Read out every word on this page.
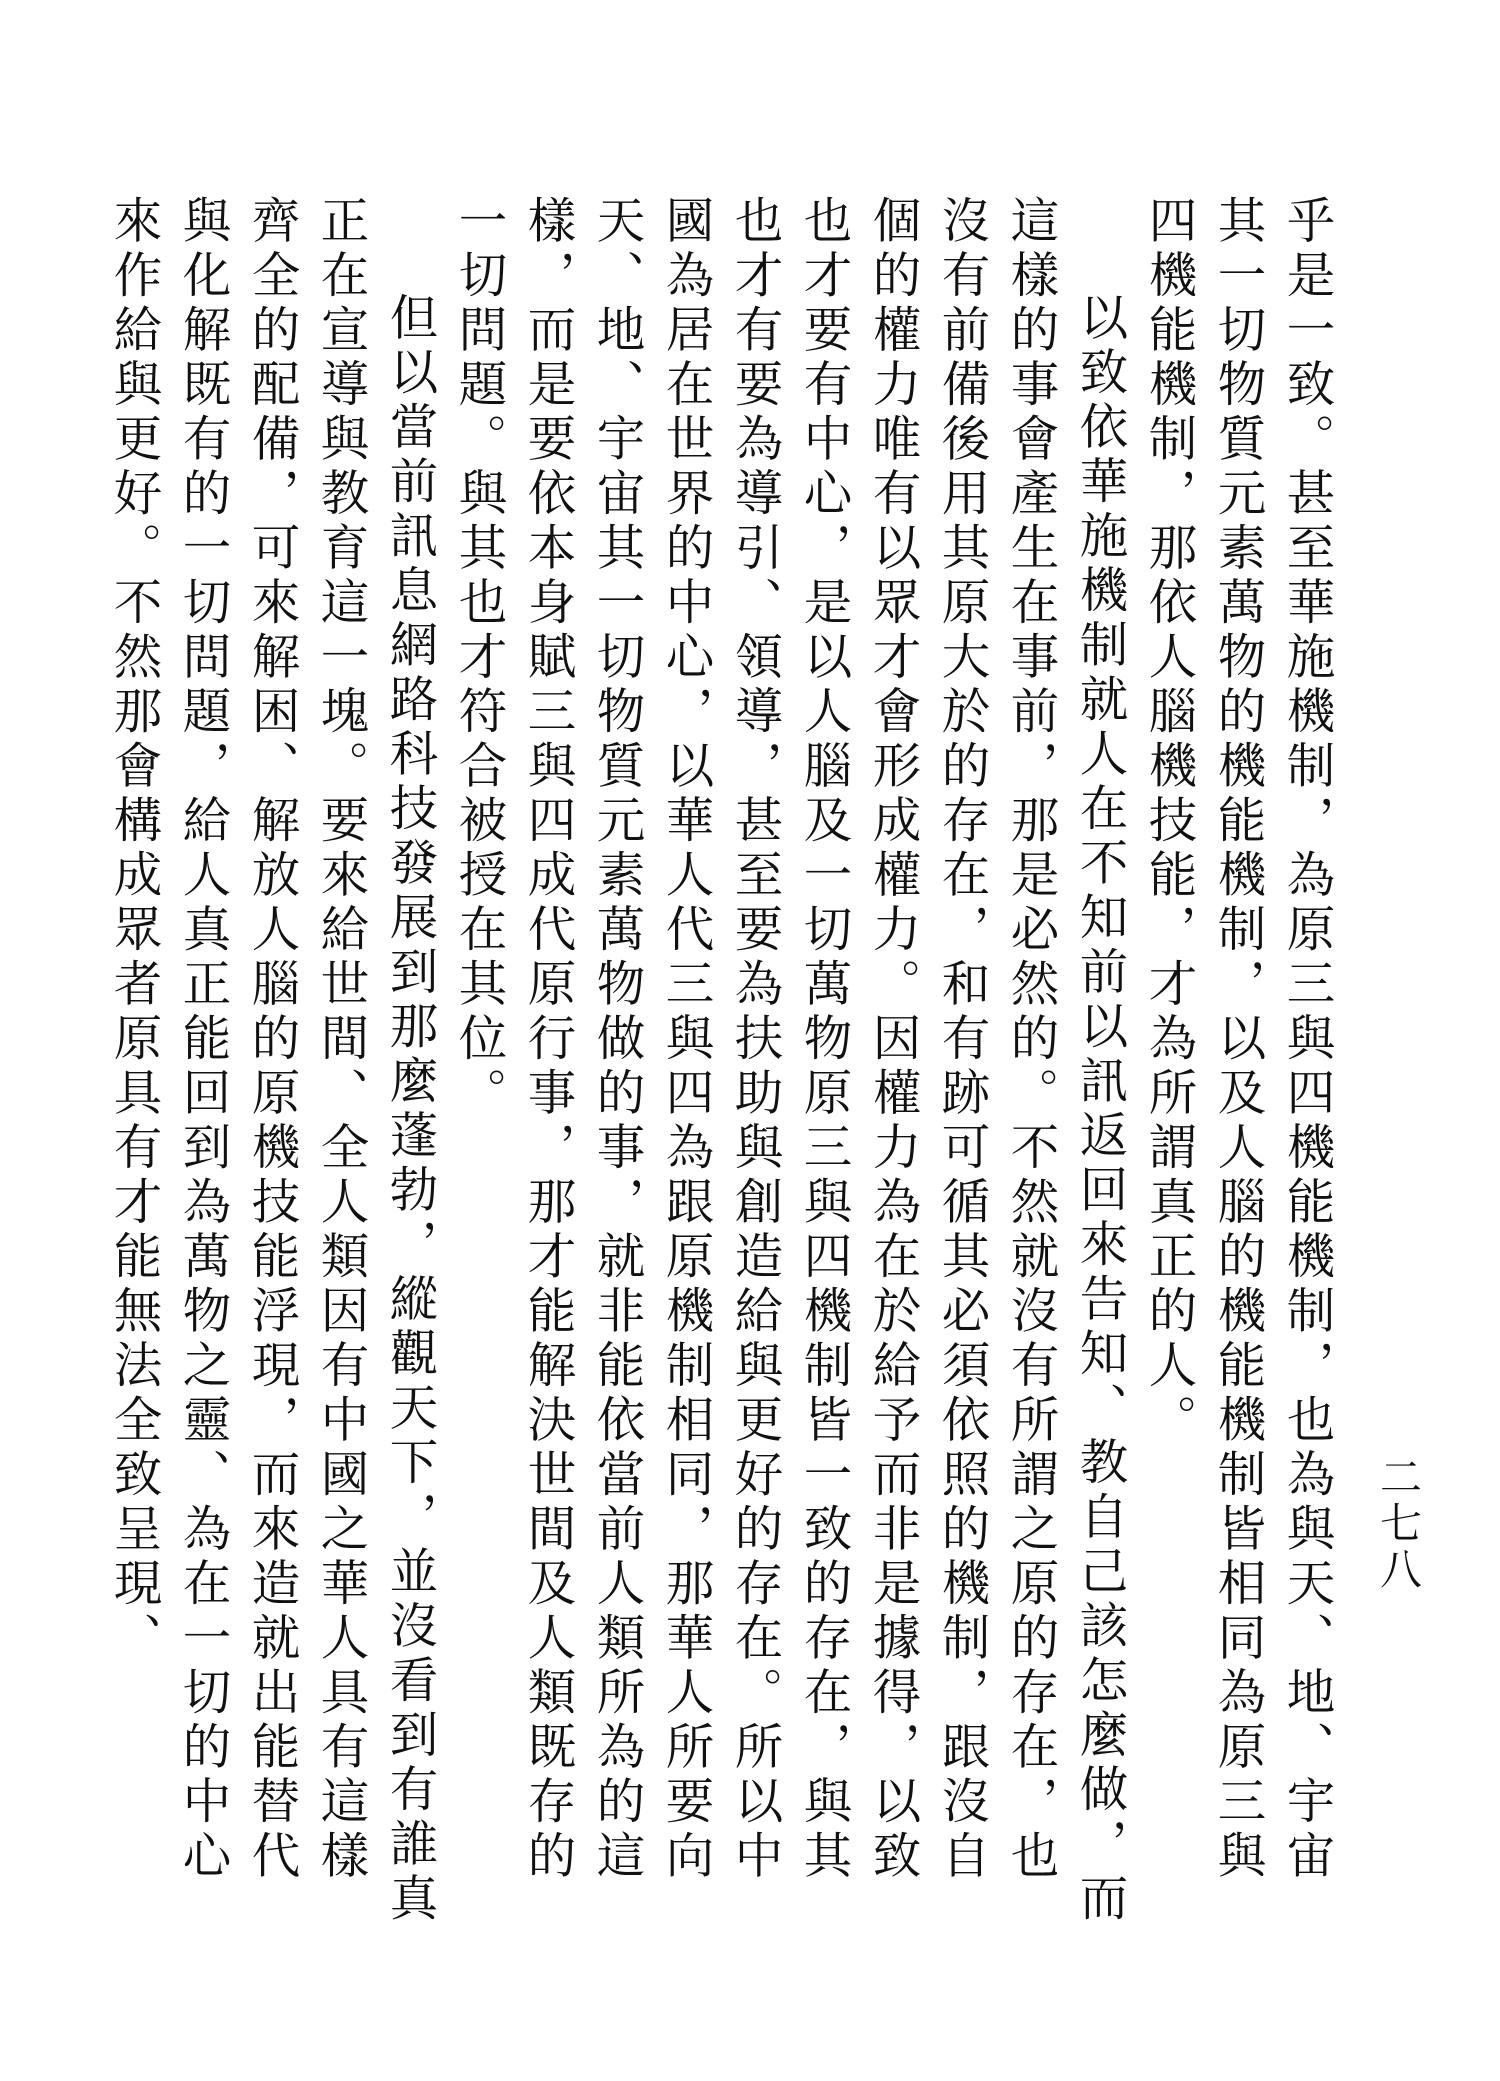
二七八

乎是一致。甚至華施機制，為原三與四機能機制，也為與天、地、宇宙其一切物質元素萬物的機能機制，以及人腦的機能機制皆相同為原三與四機能機制，那依人腦機技能，才為所謂真正的人。

以致依華施機制就人在不知前以訊返回來告知、教自己該怎麼做，而這樣的事會產生在事前，那是必然的。不然就沒有所謂之原的存在，也沒有前備後用其原大於的存在，和有跡可循其必須依照的機制，跟沒自個的權力唯有以眾才會形成權力。因權力為在於給予而非是據得，以致也才要有中心，是以人腦及一切萬物原三與四機制皆一致的存在，與其也才有要為導引、領導，甚至要為扶助與創造給與更好的存在。所以中國為居在世界的中心，以華人代三與四為跟原機制相同，那華人所要向天、地、宇宙其一切物質元素萬物做的事，就非能依當前人類所為的這樣，而是要依本身賦三與四成代原行事，那才能解決世間及人類既存的一切問題。與其也才符合被授在其位。

但以當前訊息網路科技發展到那麼蓬勃，縱觀天下，並沒看到有誰真正在宣導與教育這一塊。要來給世間、全人類因有中國之華人具有這樣齊全的配備，可來解困、解放人腦的原機技能浮現，而來造就出能替代與化解既有的一切問題，給人真正能回到為萬物之靈、為在一切的中心來作給與更好。不然那會構成眾者原具有才能無法全致呈現、
